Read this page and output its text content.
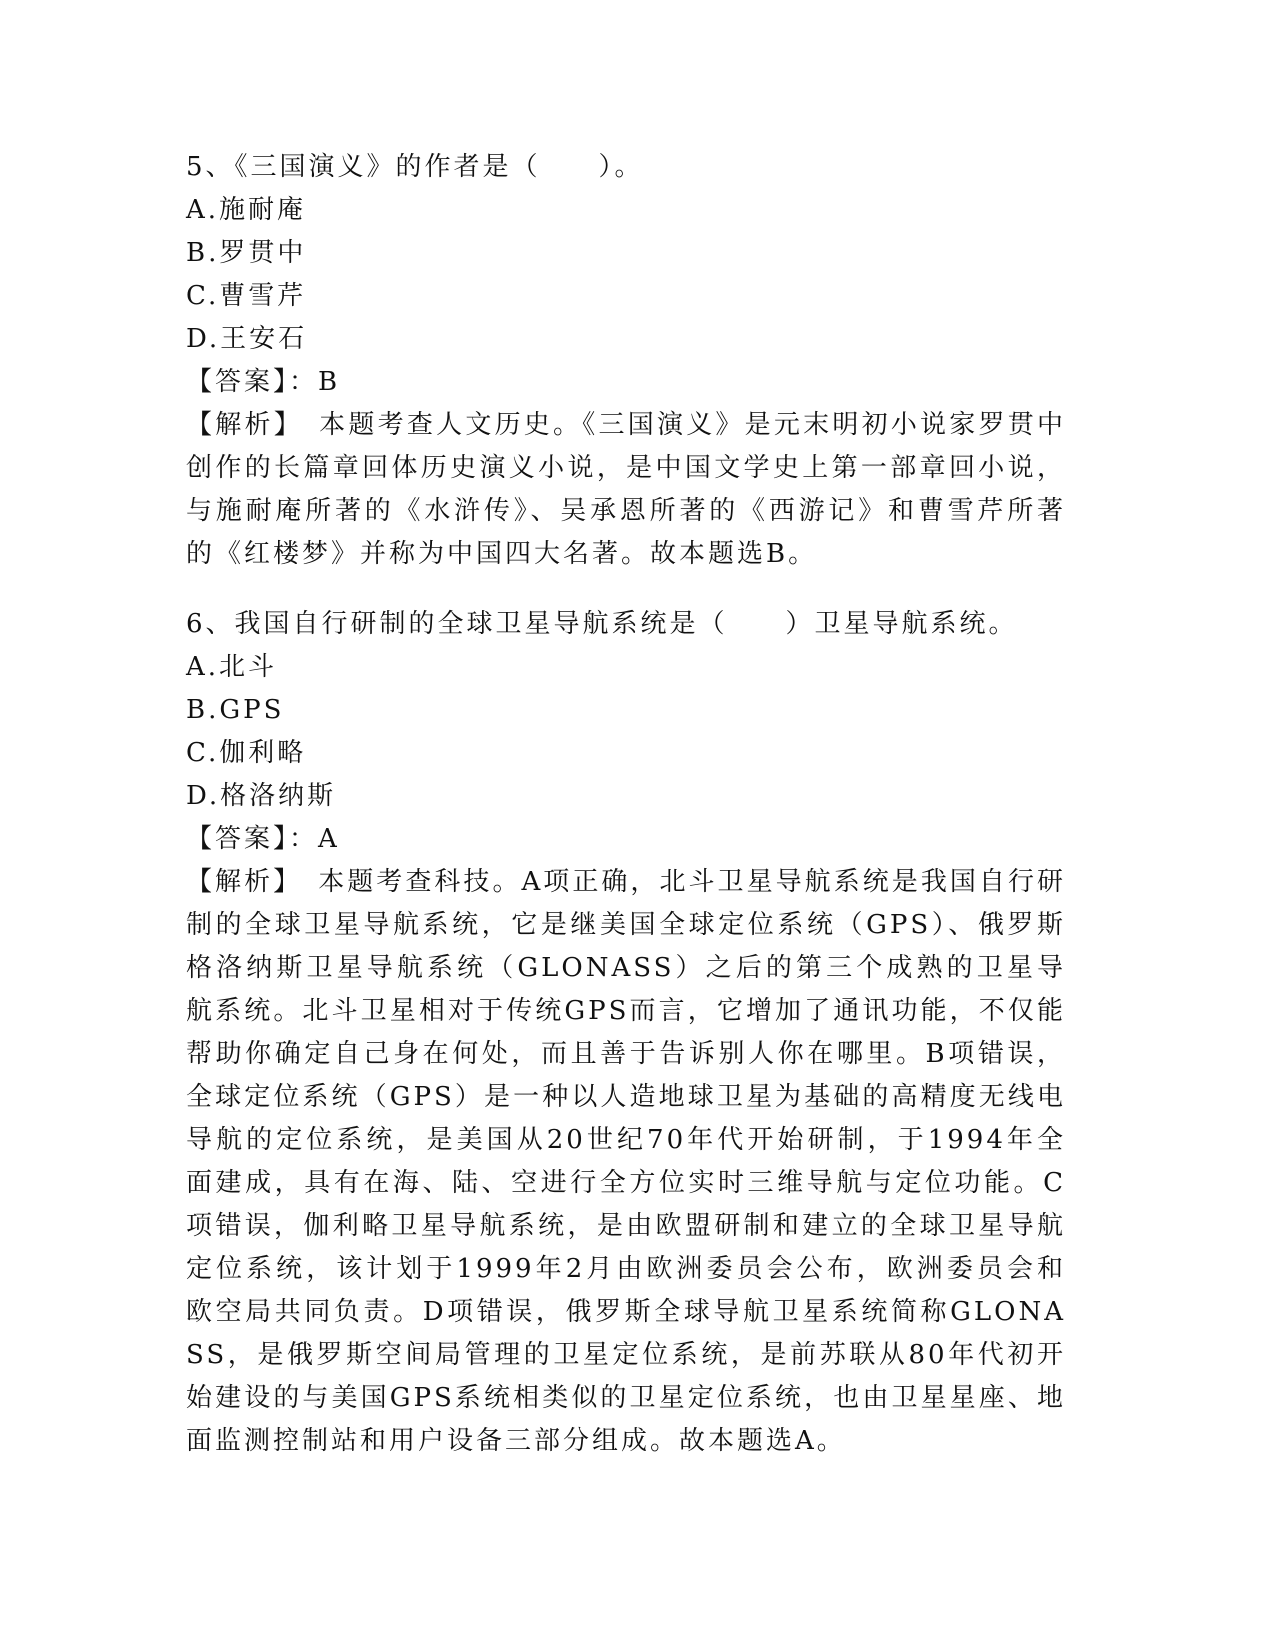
5、《三国演义》的作者是（　　）。
A.施耐庵
B.罗贯中
C.曹雪芹
D.王安石
【答案】：B

【解析】　本题考查人文历史。《三国演义》是元末明初小说家罗贯中创作的长篇章回体历史演义小说，是中国文学史上第一部章回小说，与施耐庵所著的《水浒传》、吴承恩所著的《西游记》和曹雪芹所著的《红楼梦》并称为中国四大名著。故本题选B。

6、我国自行研制的全球卫星导航系统是（　　）卫星导航系统。
A.北斗
B.GPS
C.伽利略
D.格洛纳斯
【答案】：A

【解析】　本题考查科技。A项正确，北斗卫星导航系统是我国自行研制的全球卫星导航系统，它是继美国全球定位系统（GPS）、俄罗斯格洛纳斯卫星导航系统（GLONASS）之后的第三个成熟的卫星导航系统。北斗卫星相对于传统GPS而言，它增加了通讯功能，不仅能帮助你确定自己身在何处，而且善于告诉别人你在哪里。B项错误，全球定位系统（GPS）是一种以人造地球卫星为基础的高精度无线电导航的定位系统，是美国从20世纪70年代开始研制，于1994年全面建成，具有在海、陆、空进行全方位实时三维导航与定位功能。C项错误，伽利略卫星导航系统，是由欧盟研制和建立的全球卫星导航定位系统，该计划于1999年2月由欧洲委员会公布，欧洲委员会和欧空局共同负责。D项错误，俄罗斯全球导航卫星系统简称GLONASS，是俄罗斯空间局管理的卫星定位系统，是前苏联从80年代初开始建设的与美国GPS系统相类似的卫星定位系统，也由卫星星座、地面监测控制站和用户设备三部分组成。故本题选A。
